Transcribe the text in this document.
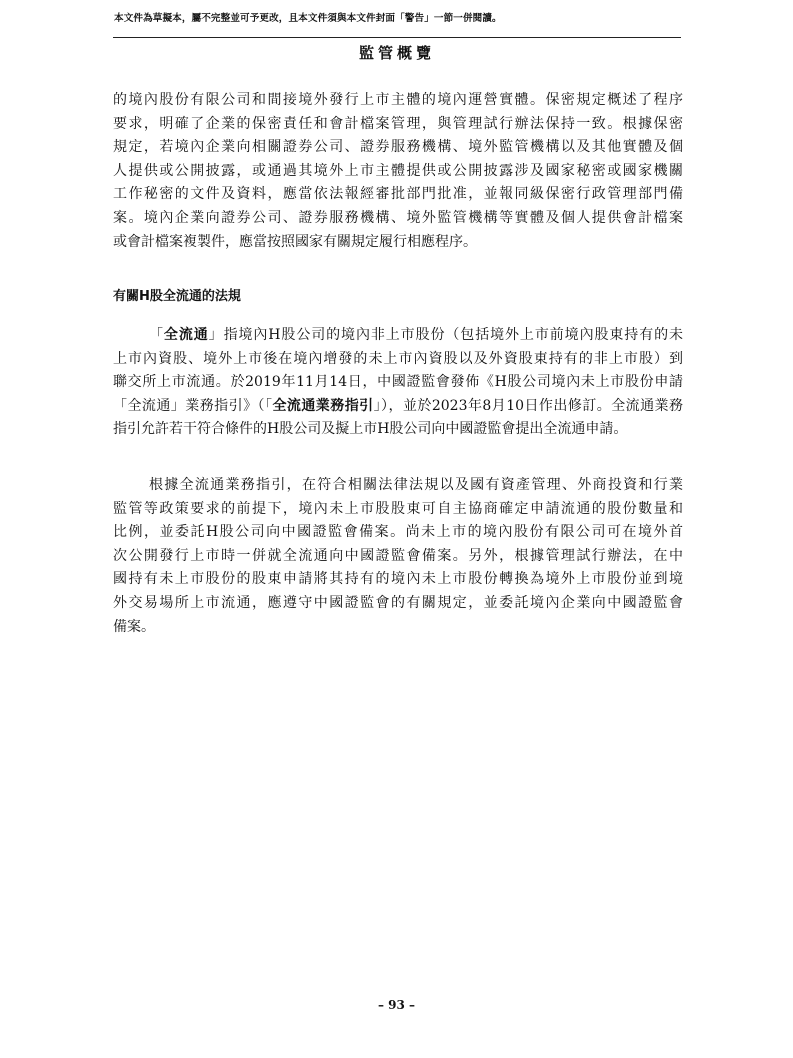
本文件為草擬本，屬不完整並可予更改，且本文件須與本文件封面「警告」一節一併閱讀。
監管概覽
的境內股份有限公司和間接境外發行上市主體的境內運營實體。保密規定概述了程序
要求，明確了企業的保密責任和會計檔案管理，與管理試行辦法保持一致。根據保密
規定，若境內企業向相關證券公司、證券服務機構、境外監管機構以及其他實體及個
人提供或公開披露，或通過其境外上市主體提供或公開披露涉及國家秘密或國家機關
工作秘密的文件及資料，應當依法報經審批部門批准，並報同級保密行政管理部門備
案。境內企業向證券公司、證券服務機構、境外監管機構等實體及個人提供會計檔案
或會計檔案複製件，應當按照國家有關規定履行相應程序。
有關H股全流通的法規
「全流通」指境內H股公司的境內非上市股份（包括境外上市前境內股東持有的未
上市內資股、境外上市後在境內增發的未上市內資股以及外資股東持有的非上市股）到
聯交所上市流通。於2019年11月14日，中國證監會發佈《H股公司境內未上市股份申請
「全流通」業務指引》（「全流通業務指引」），並於2023年8月10日作出修訂。全流通業務
指引允許若干符合條件的H股公司及擬上市H股公司向中國證監會提出全流通申請。
根據全流通業務指引，在符合相關法律法規以及國有資產管理、外商投資和行業
監管等政策要求的前提下，境內未上市股股東可自主協商確定申請流通的股份數量和
比例，並委託H股公司向中國證監會備案。尚未上市的境內股份有限公司可在境外首
次公開發行上市時一併就全流通向中國證監會備案。另外，根據管理試行辦法，在中
國持有未上市股份的股東申請將其持有的境內未上市股份轉換為境外上市股份並到境
外交易場所上市流通，應遵守中國證監會的有關規定，並委託境內企業向中國證監會
備案。
– 93 –
